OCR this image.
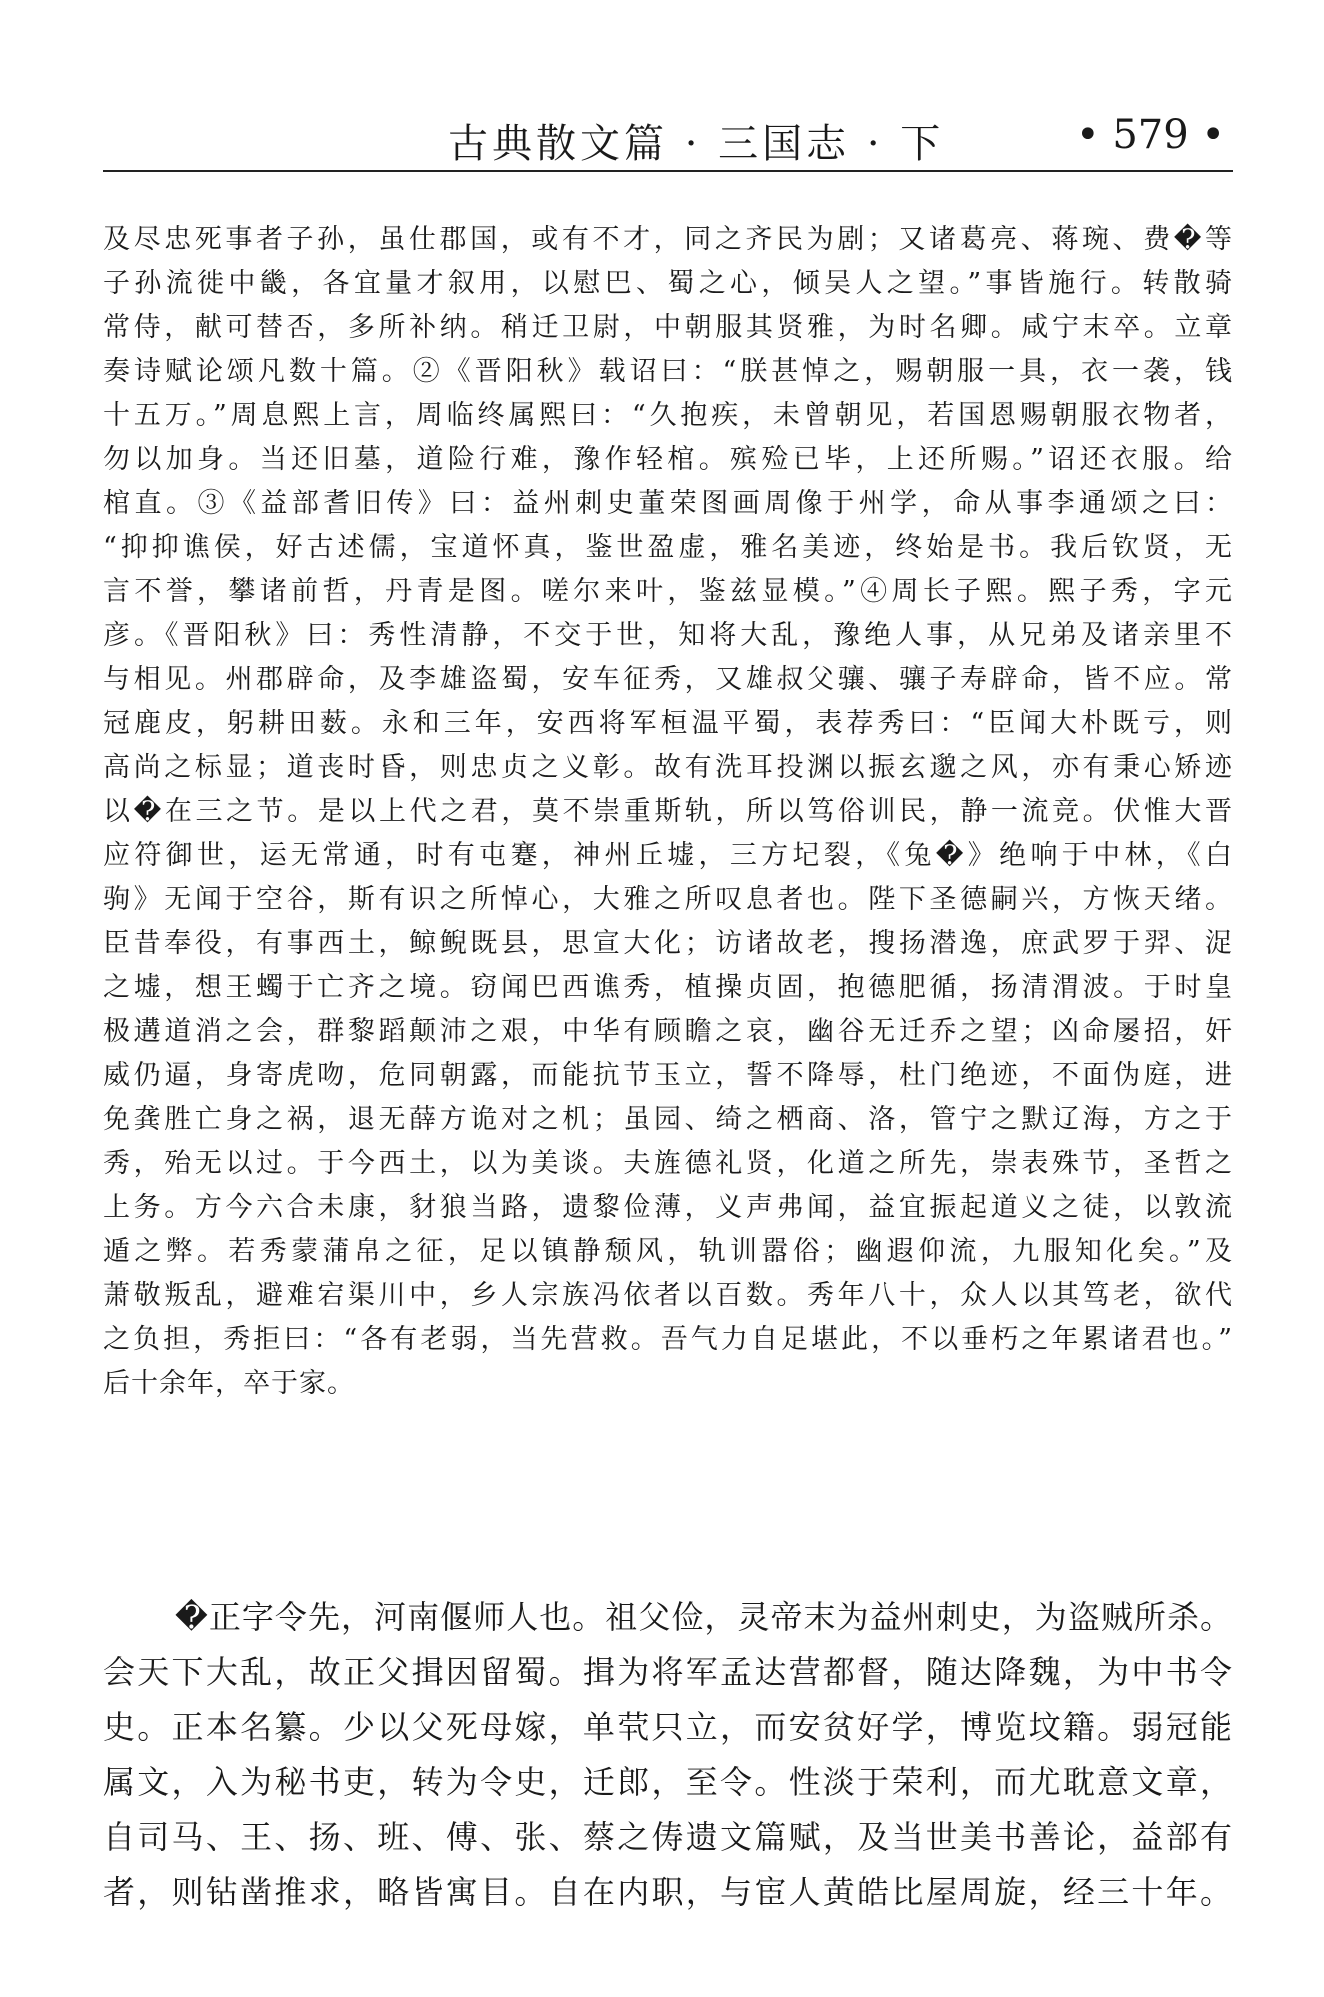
古典散文篇 · 三国志 · 下	• 579 •
及尽忠死事者子孙，虽仕郡国，或有不才，同之齐民为剧；又诸葛亮、蒋琬、费�等
子孙流徙中畿，各宜量才叙用，以慰巴、蜀之心，倾吴人之望。”事皆施行。转散骑
常侍，献可替否，多所补纳。稍迁卫尉，中朝服其贤雅，为时名卿。咸宁末卒。立章
奏诗赋论颂凡数十篇。②《晋阳秋》载诏曰：“朕甚悼之，赐朝服一具，衣一袭，钱
十五万。”周息熙上言，周临终属熙曰：“久抱疾，未曾朝见，若国恩赐朝服衣物者，
勿以加身。当还旧墓，道险行难，豫作轻棺。殡殓已毕，上还所赐。”诏还衣服。给
棺直。③《益部耆旧传》曰：益州刺史董荣图画周像于州学，命从事李通颂之曰：
“抑抑谯侯，好古述儒，宝道怀真，鉴世盈虚，雅名美迹，终始是书。我后钦贤，无
言不誉，攀诸前哲，丹青是图。嗟尔来叶，鉴兹显模。”④周长子熙。熙子秀，字元
彦。《晋阳秋》曰：秀性清静，不交于世，知将大乱，豫绝人事，从兄弟及诸亲里不
与相见。州郡辟命，及李雄盗蜀，安车征秀，又雄叔父骧、骧子寿辟命，皆不应。常
冠鹿皮，躬耕田薮。永和三年，安西将军桓温平蜀，表荐秀曰：“臣闻大朴既亏，则
高尚之标显；道丧时昏，则忠贞之义彰。故有洗耳投渊以振玄邈之风，亦有秉心矫迹
以�在三之节。是以上代之君，莫不崇重斯轨，所以笃俗训民，静一流竞。伏惟大晋
应符御世，运无常通，时有屯蹇，神州丘墟，三方圮裂，《兔�》绝响于中林，《白
驹》无闻于空谷，斯有识之所悼心，大雅之所叹息者也。陛下圣德嗣兴，方恢天绪。
臣昔奉役，有事西土，鲸鲵既县，思宣大化；访诸故老，搜扬潜逸，庶武罗于羿、浞
之墟，想王蠋于亡齐之境。窃闻巴西谯秀，植操贞固，抱德肥循，扬清渭波。于时皇
极遘道消之会，群黎蹈颠沛之艰，中华有顾瞻之哀，幽谷无迁乔之望；凶命屡招，奸
威仍逼，身寄虎吻，危同朝露，而能抗节玉立，誓不降辱，杜门绝迹，不面伪庭，进
免龚胜亡身之祸，退无薛方诡对之机；虽园、绮之栖商、洛，管宁之默辽海，方之于
秀，殆无以过。于今西土，以为美谈。夫旌德礼贤，化道之所先，崇表殊节，圣哲之
上务。方今六合未康，豺狼当路，遗黎俭薄，义声弗闻，益宜振起道义之徒，以敦流
遁之弊。若秀蒙蒲帛之征，足以镇静颓风，轨训嚣俗；幽遐仰流，九服知化矣。”及
萧敬叛乱，避难宕渠川中，乡人宗族冯依者以百数。秀年八十，众人以其笃老，欲代
之负担，秀拒曰：“各有老弱，当先营救。吾气力自足堪此，不以垂朽之年累诸君也。”
后十余年，卒于家。
�正字令先，河南偃师人也。祖父俭，灵帝末为益州刺史，为盗贼所杀。
会天下大乱，故正父揖因留蜀。揖为将军孟达营都督，随达降魏，为中书令
史。正本名纂。少以父死母嫁，单茕只立，而安贫好学，博览坟籍。弱冠能
属文，入为秘书吏，转为令史，迁郎，至令。性淡于荣利，而尤耽意文章，
自司马、王、扬、班、傅、张、蔡之俦遗文篇赋，及当世美书善论，益部有
者，则钻凿推求，略皆寓目。自在内职，与宦人黄皓比屋周旋，经三十年。
